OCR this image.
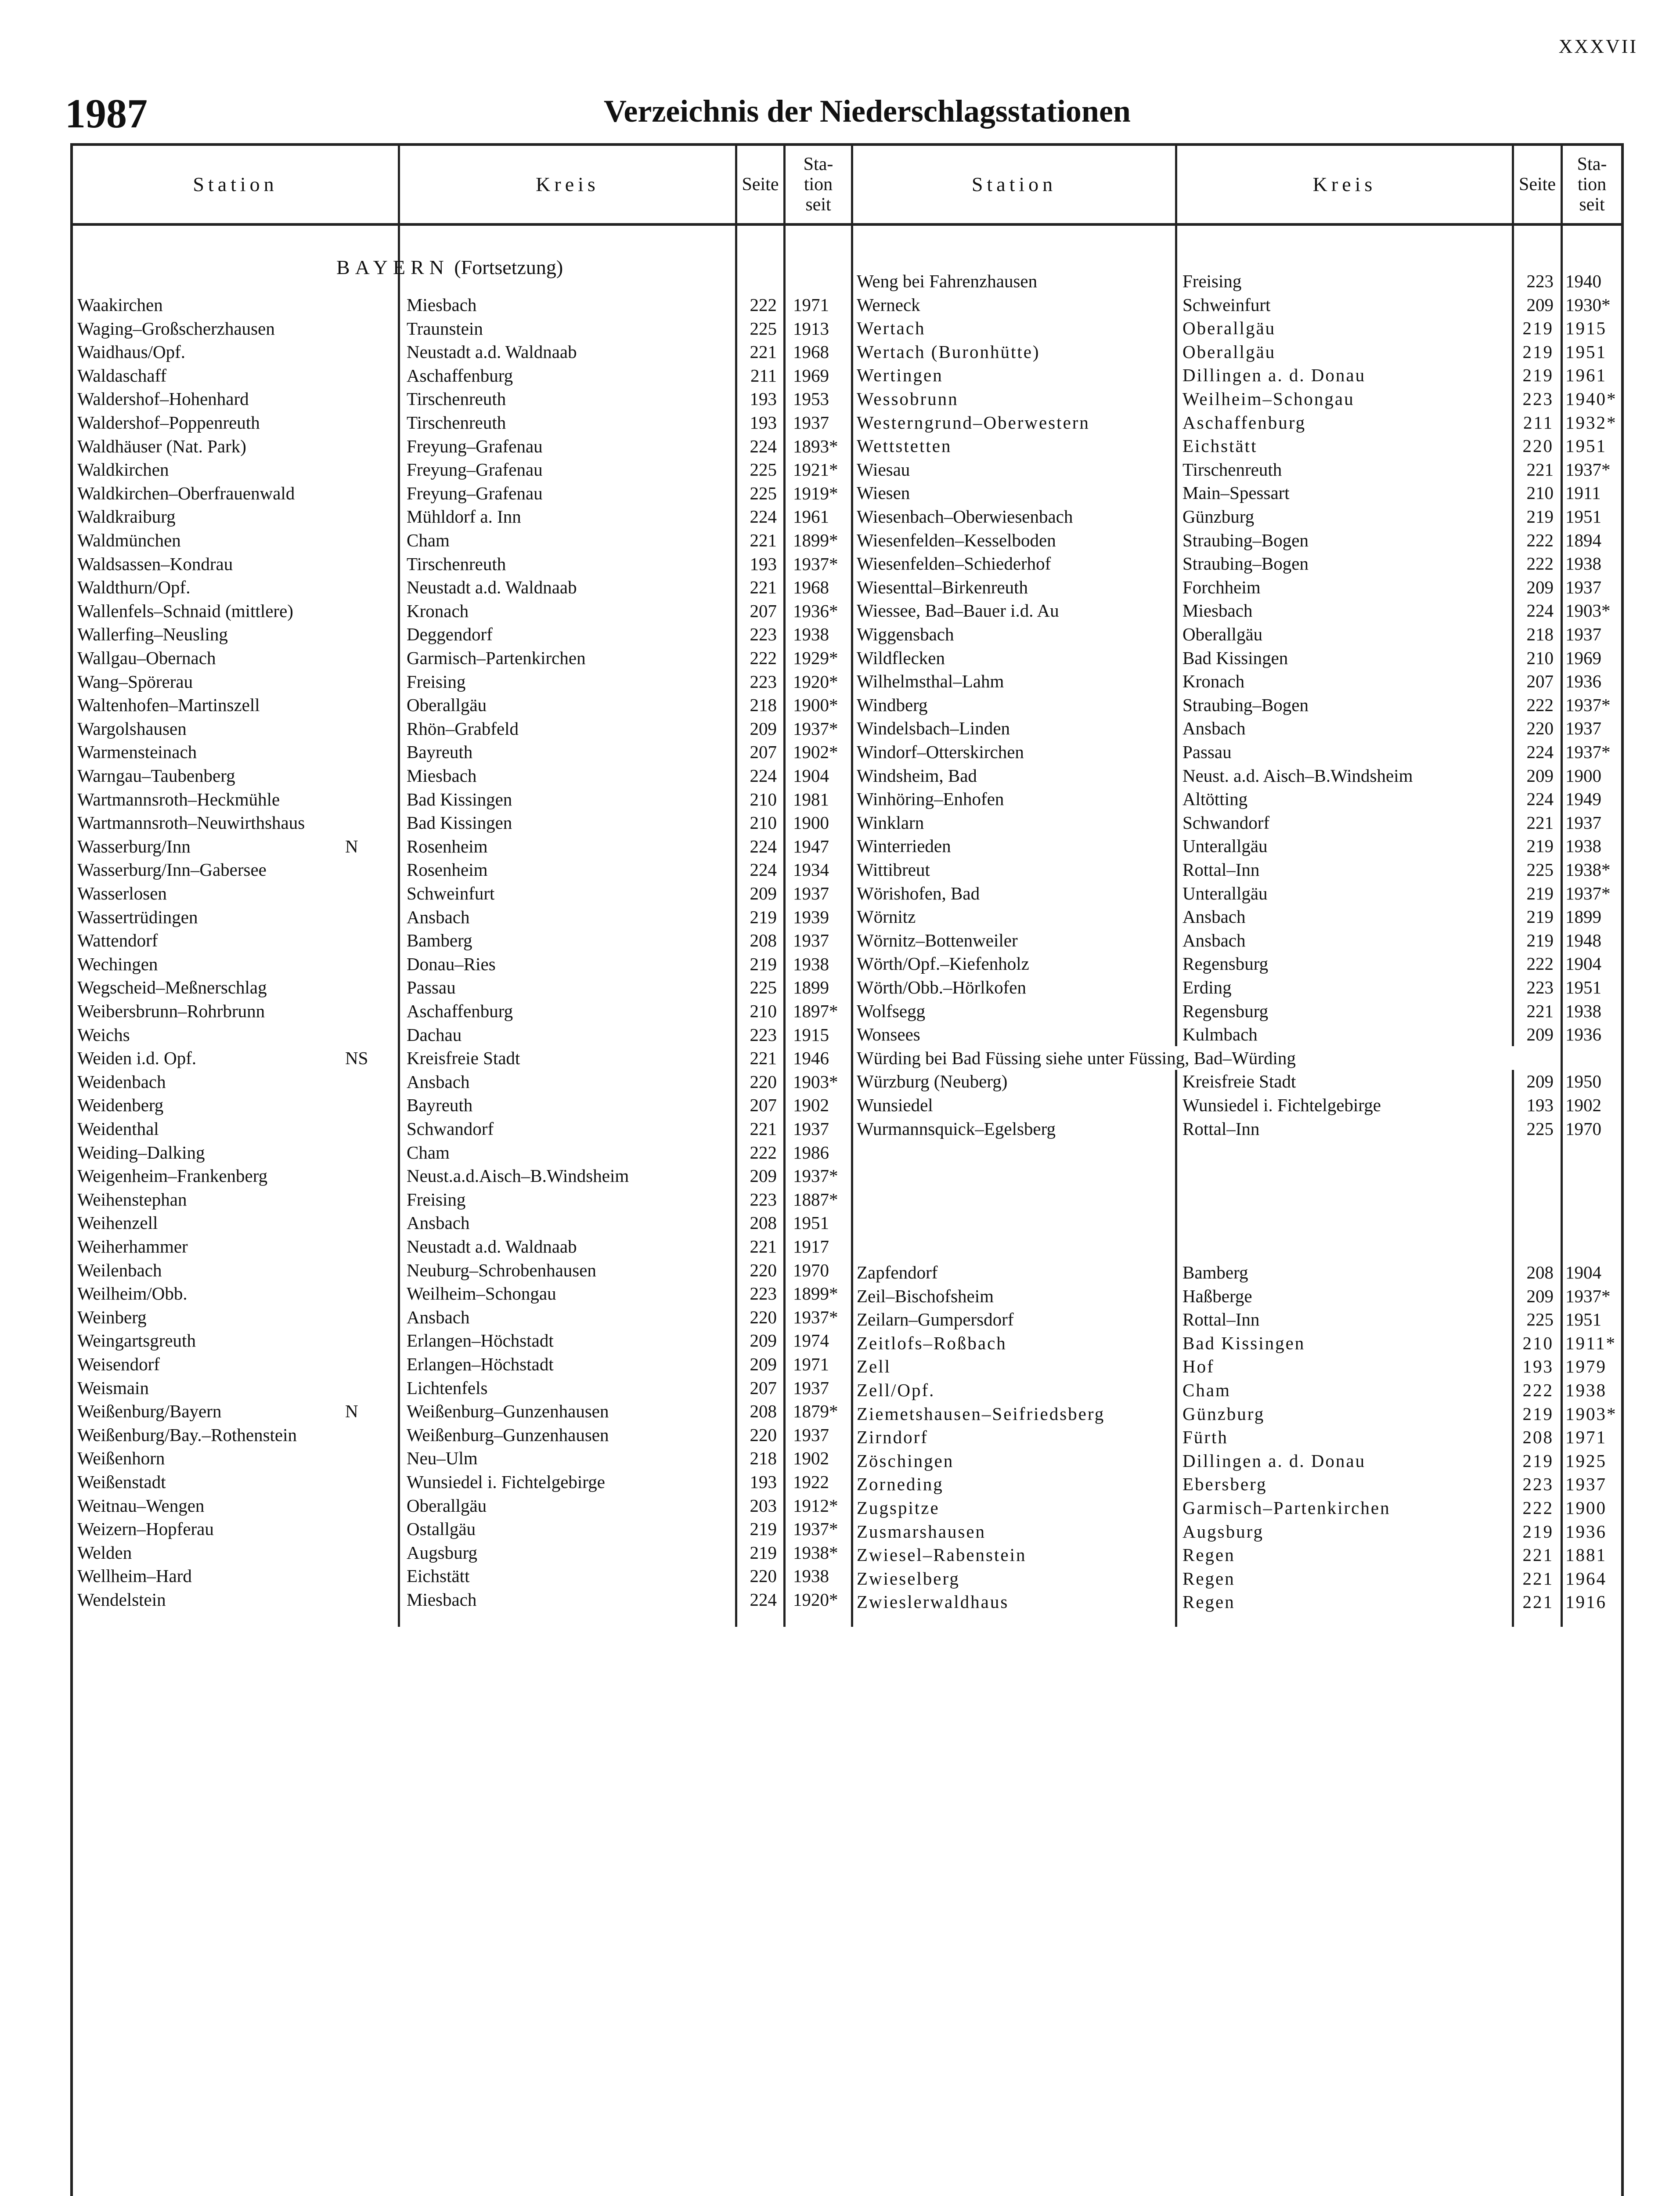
XXXVII
1987	Verzeichnis der Niederschlagsstationen
Station	Kreis	Seite
Sta-
tion
seit
Station	Kreis	Seite
Sta-
tion
seit
BAYERN (Fortsetzung)
Waakirchen	Miesbach	222 1971
Waging–Großscherzhausen	Traunstein	225 1913
Waidhaus/Opf.	Neustadt a.d. Waldnaab	221 1968
Waldaschaff	Aschaffenburg	211 1969
Waldershof–Hohenhard	Tirschenreuth	193 1953
Waldershof–Poppenreuth	Tirschenreuth	193 1937
Waldhäuser (Nat. Park)	Freyung–Grafenau	224 1893*
Waldkirchen	Freyung–Grafenau	225 1921*
Waldkirchen–Oberfrauenwald	Freyung–Grafenau	225 1919*
Waldkraiburg	Mühldorf a. Inn	224 1961
Waldmünchen	Cham	221 1899*
Waldsassen–Kondrau	Tirschenreuth	193 1937*
Waldthurn/Opf.	Neustadt a.d. Waldnaab	221 1968
Wallenfels–Schnaid (mittlere)	Kronach	207 1936*
Wallerfing–Neusling	Deggendorf	223 1938
Wallgau–Obernach	Garmisch–Partenkirchen	222 1929*
Wang–Spörerau	Freising	223 1920*
Waltenhofen–Martinszell	Oberallgäu	218 1900*
Wargolshausen	Rhön–Grabfeld	209 1937*
Warmensteinach	Bayreuth	207 1902*
Warngau–Taubenberg	Miesbach	224 1904
Wartmannsroth–Heckmühle	Bad Kissingen	210 1981
Wartmannsroth–Neuwirthshaus	Bad Kissingen	210 1900
Wasserburg/Inn	N	Rosenheim	224 1947
Wasserburg/Inn–Gabersee	Rosenheim	224 1934
Wasserlosen	Schweinfurt	209 1937
Wassertrüdingen	Ansbach	219 1939
Wattendorf	Bamberg	208 1937
Wechingen	Donau–Ries	219 1938
Wegscheid–Meßnerschlag	Passau	225 1899
Weibersbrunn–Rohrbrunn	Aschaffenburg	210 1897*
Weichs	Dachau	223 1915
Weiden i.d. Opf.	NS	Kreisfreie Stadt	221 1946
Weidenbach	Ansbach	220 1903*
Weidenberg	Bayreuth	207 1902
Weidenthal	Schwandorf	221 1937
Weiding–Dalking	Cham	222 1986
Weigenheim–Frankenberg	Neust.a.d.Aisch–B.Windsheim	209 1937*
Weihenstephan	Freising	223 1887*
Weihenzell	Ansbach	208 1951
Weiherhammer	Neustadt a.d. Waldnaab	221 1917
Weilenbach	Neuburg–Schrobenhausen	220 1970
Weilheim/Obb.	Weilheim–Schongau	223 1899*
Weinberg	Ansbach	220 1937*
Weingartsgreuth	Erlangen–Höchstadt	209 1974
Weisendorf	Erlangen–Höchstadt	209 1971
Weismain	Lichtenfels	207 1937
Weißenburg/Bayern	N	Weißenburg–Gunzenhausen	208 1879*
Weißenburg/Bay.–Rothenstein	Weißenburg–Gunzenhausen	220 1937
Weißenhorn	Neu–Ulm	218 1902
Weißenstadt	Wunsiedel i. Fichtelgebirge	193 1922
Weitnau–Wengen	Oberallgäu	203 1912*
Weizern–Hopferau	Ostallgäu	219 1937*
Welden	Augsburg	219 1938*
Wellheim–Hard	Eichstätt	220 1938
Wendelstein	Miesbach	224 1920*
Weng bei Fahrenzhausen	Freising	223 1940
Werneck	Schweinfurt	209 1930*
Wertach	Oberallgäu	219 1915
Wertach (Buronhütte)	Oberallgäu	219 1951
Wertingen	Dillingen a. d. Donau	219 1961
Wessobrunn	Weilheim–Schongau	223 1940*
Westerngrund–Oberwestern	Aschaffenburg	211 1932*
Wettstetten	Eichstätt	220 1951
Wiesau	Tirschenreuth	221 1937*
Wiesen	Main–Spessart	210 1911
Wiesenbach–Oberwiesenbach	Günzburg	219 1951
Wiesenfelden–Kesselboden	Straubing–Bogen	222 1894
Wiesenfelden–Schiederhof	Straubing–Bogen	222 1938
Wiesenttal–Birkenreuth	Forchheim	209 1937
Wiessee, Bad–Bauer i.d. Au	Miesbach	224 1903*
Wiggensbach	Oberallgäu	218 1937
Wildflecken	Bad Kissingen	210 1969
Wilhelmsthal–Lahm	Kronach	207 1936
Windberg	Straubing–Bogen	222 1937*
Windelsbach–Linden	Ansbach	220 1937
Windorf–Otterskirchen	Passau	224 1937*
Windsheim, Bad	Neust. a.d. Aisch–B.Windsheim	209 1900
Winhöring–Enhofen	Altötting	224 1949
Winklarn	Schwandorf	221 1937
Winterrieden	Unterallgäu	219 1938
Wittibreut	Rottal–Inn	225 1938*
Wörishofen, Bad	Unterallgäu	219 1937*
Wörnitz	Ansbach	219 1899
Wörnitz–Bottenweiler	Ansbach	219 1948
Wörth/Opf.–Kiefenholz	Regensburg	222 1904
Wörth/Obb.–Hörlkofen	Erding	223 1951
Wolfsegg	Regensburg	221 1938
Wonsees	Kulmbach	209 1936
Würding bei Bad Füssing siehe unter Füssing, Bad–Würding
Würzburg (Neuberg)	Kreisfreie Stadt	209 1950
Wunsiedel	Wunsiedel i. Fichtelgebirge	193 1902
Wurmannsquick–Egelsberg	Rottal–Inn	225 1970
Zapfendorf	Bamberg	208 1904
Zeil–Bischofsheim	Haßberge	209 1937*
Zeilarn–Gumpersdorf	Rottal–Inn	225 1951
Zeitlofs–Roßbach	Bad Kissingen	210 1911*
Zell	Hof	193 1979
Zell/Opf.	Cham	222 1938
Ziemetshausen–Seifriedsberg	Günzburg	219 1903*
Zirndorf	Fürth	208 1971
Zöschingen	Dillingen a. d. Donau	219 1925
Zorneding	Ebersberg	223 1937
Zugspitze	Garmisch–Partenkirchen	222 1900
Zusmarshausen	Augsburg	219 1936
Zwiesel–Rabenstein	Regen	221 1881
Zwieselberg	Regen	221 1964
Zwieslerwaldhaus	Regen	221 1916
